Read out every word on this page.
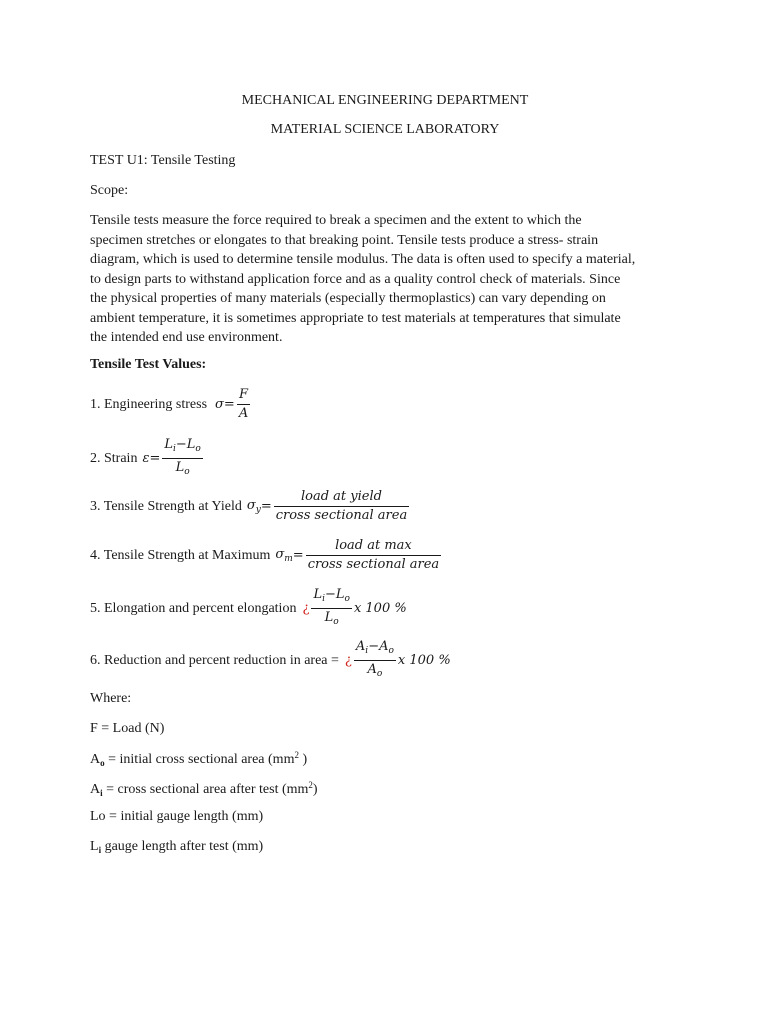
MECHANICAL ENGINEERING DEPARTMENT
MATERIAL SCIENCE LABORATORY
TEST U1: Tensile Testing
Scope:
Tensile tests measure the force required to break a specimen and the extent to which the
specimen stretches or elongates to that breaking point. Tensile tests produce a stress- strain
diagram, which is used to determine tensile modulus. The data is often used to specify a material,
to design parts to withstand application force and as a quality control check of materials. Since
the physical properties of many materials (especially thermoplastics) can vary depending on
ambient temperature, it is sometimes appropriate to test materials at temperatures that simulate
the intended end use environment.
Tensile Test Values:
1. Engineering stress $\sigma = \frac{F}{A}$
2. Strain $\varepsilon = \frac{L_i-L_o}{L_o}$
3. Tensile Strength at Yield $\sigma_y = \frac{\text{load at yield}}{\text{cross sectional area}}$
4. Tensile Strength at Maximum $\sigma_m = \frac{\text{load at max}}{\text{cross sectional area}}$
5. Elongation and percent elongation ¿ $\frac{L_i-L_o}{L_o}$ x 100 %
6. Reduction and percent reduction in area = ¿ $\frac{A_i-A_o}{A_o}$ x 100 %
Where:
F = Load (N)
$A_o$ = initial cross sectional area ($mm^2$ )
$A_i$ = cross sectional area after test $(mm^2)$
Lo = initial gauge length (mm)
$L_i$ gauge length after test (mm)
